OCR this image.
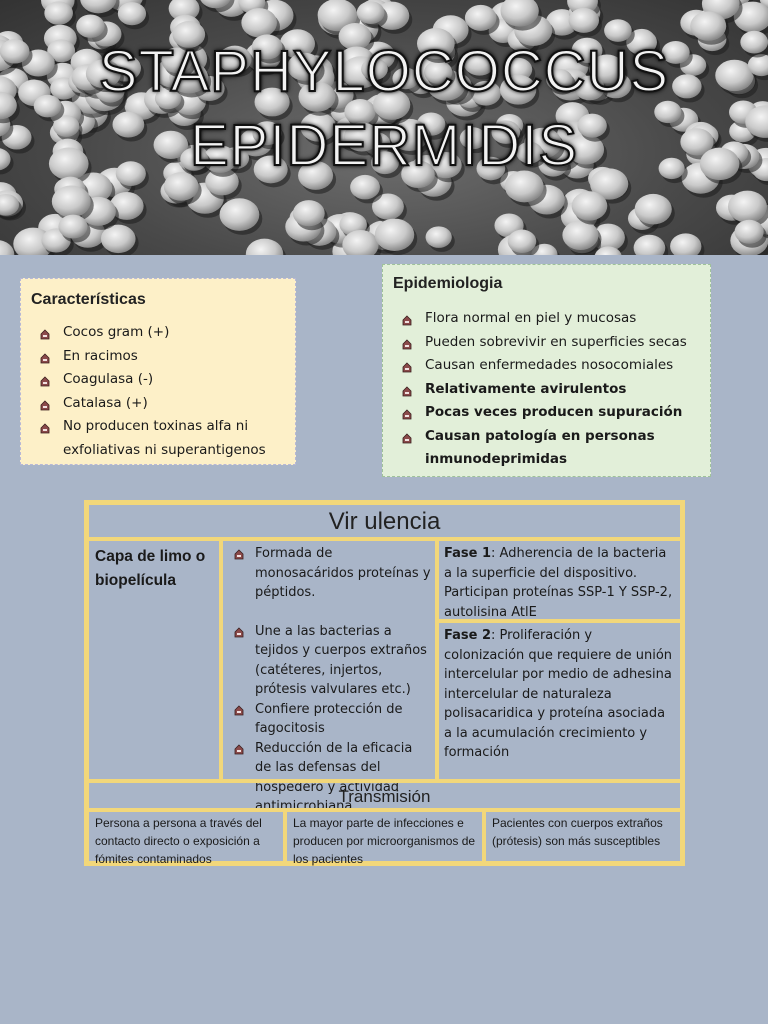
STAPHYLOCOCCUS
EPIDERMIDIS
Características
Cocos gram (+)
En racimos
Coagulasa (-)
Catalasa (+)
No producen toxinas alfa ni exfoliativas ni superantigenos
Epidemiologia
Flora normal en piel y mucosas
Pueden sobrevivir en superficies secas
Causan enfermedades nosocomiales
Relativamente avirulentos
Pocas veces producen supuración
Causan patología en personas inmunodeprimidas
Vir ulencia
Capa de limo o biopelícula
Formada de monosacáridos proteínas y péptidos.
Une a las bacterias a tejidos y cuerpos extraños (catéteres, injertos, prótesis valvulares etc.)
Confiere protección de fagocitosis
Reducción de la eficacia de las defensas del hospedero y actividad antimicrobiana
Fase 1: Adherencia de la bacteria a la superficie del dispositivo. Participan proteínas SSP-1 Y SSP-2, autolisina AtlE
Fase 2: Proliferación y colonización que requiere de unión intercelular por medio de adhesina intercelular de naturaleza polisacaridica y proteína asociada a la acumulación crecimiento y formación
Transmisión
Persona a persona a través del contacto directo o exposición a fómites contaminados
La mayor parte de infecciones e producen por microorganismos de los pacientes
Pacientes con cuerpos extraños (prótesis) son más susceptibles
